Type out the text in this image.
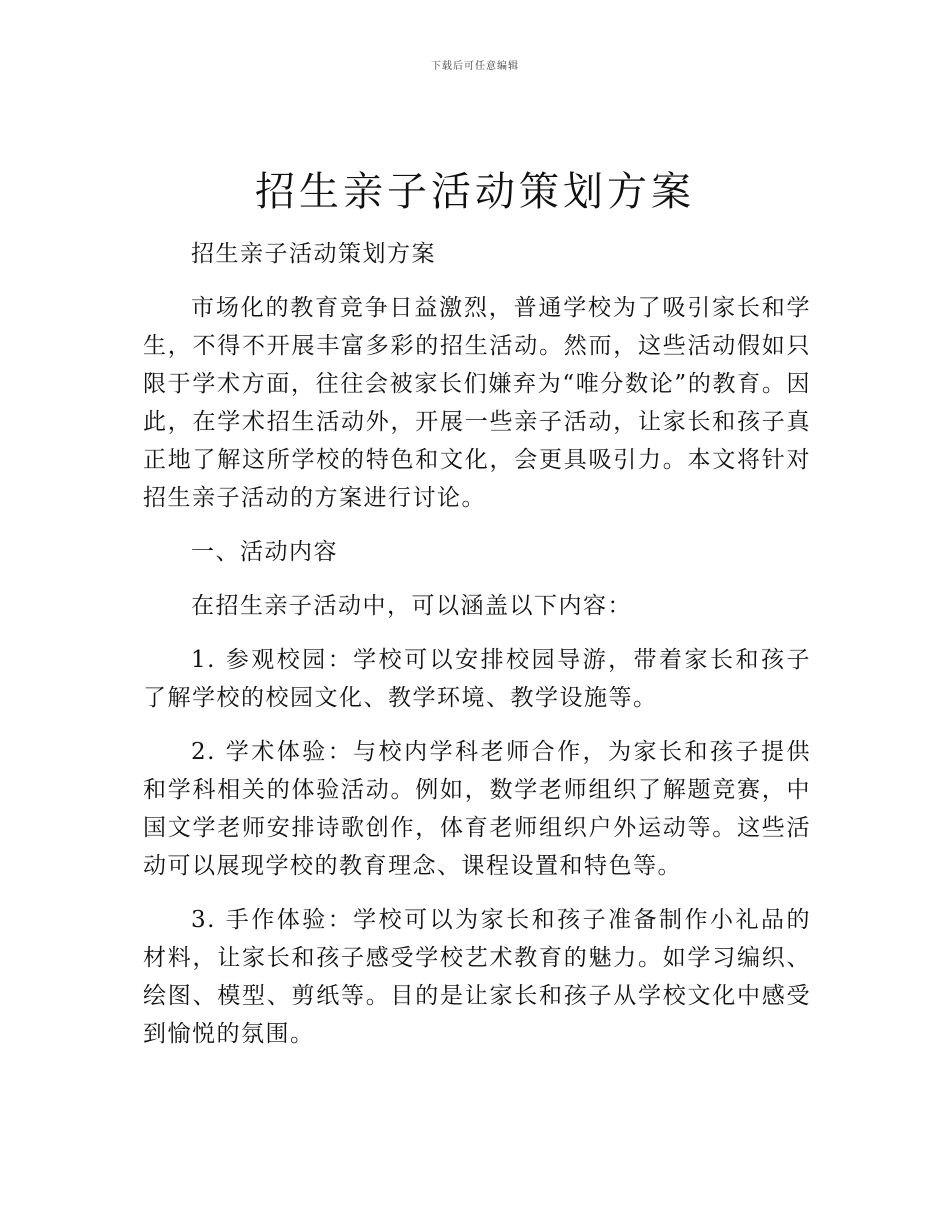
下载后可任意编辑
招生亲子活动策划方案

招生亲子活动策划方案

市场化的教育竞争日益激烈，普通学校为了吸引家长和学生，不得不开展丰富多彩的招生活动。然而，这些活动假如只限于学术方面，往往会被家长们嫌弃为“唯分数论”的教育。因此，在学术招生活动外，开展一些亲子活动，让家长和孩子真正地了解这所学校的特色和文化，会更具吸引力。本文将针对招生亲子活动的方案进行讨论。

一、活动内容

在招生亲子活动中，可以涵盖以下内容：

1. 参观校园：学校可以安排校园导游，带着家长和孩子了解学校的校园文化、教学环境、教学设施等。

2. 学术体验：与校内学科老师合作，为家长和孩子提供和学科相关的体验活动。例如，数学老师组织了解题竞赛，中国文学老师安排诗歌创作，体育老师组织户外运动等。这些活动可以展现学校的教育理念、课程设置和特色等。

3. 手作体验：学校可以为家长和孩子准备制作小礼品的材料，让家长和孩子感受学校艺术教育的魅力。如学习编织、绘图、模型、剪纸等。目的是让家长和孩子从学校文化中感受到愉悦的氛围。
